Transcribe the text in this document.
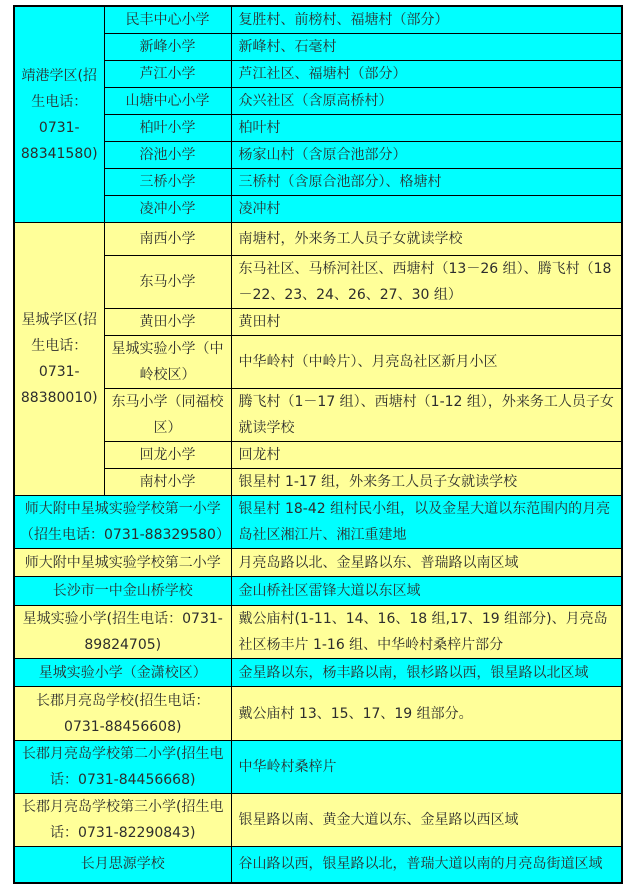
靖港学区(招生电话：0731-88341580)	民丰中心小学	复胜村、前榜村、福塘村（部分）
	新峰小学	新峰村、石毫村
	芦江小学	芦江社区、福塘村（部分）
	山塘中心小学	众兴社区（含原高桥村）
	柏叶小学	柏叶村
	浴池小学	杨家山村（含原合池部分）
	三桥小学	三桥村（含原合池部分）、格塘村
	凌冲小学	凌冲村
星城学区(招生电话：0731-88380010)	南西小学	南塘村，外来务工人员子女就读学校
	东马小学	东马社区、马桥河社区、西塘村（13－26 组）、腾飞村（18－22、23、24、26、27、30 组）
	黄田小学	黄田村
	星城实验小学（中岭校区）	中华岭村（中岭片）、月亮岛社区新月小区
	东马小学（同福校区）	腾飞村（1－17 组）、西塘村（1-12 组），外来务工人员子女就读学校
	回龙小学	回龙村
	南村小学	银星村 1-17 组，外来务工人员子女就读学校
师大附中星城实验学校第一小学（招生电话：0731-88329580）		银星村 18-42 组村民小组，以及金星大道以东范围内的月亮岛社区湘江片、湘江重建地
师大附中星城实验学校第二小学		月亮岛路以北、金星路以东、普瑞路以南区域
长沙市一中金山桥学校		金山桥社区雷锋大道以东区域
星城实验小学(招生电话：0731-89824705)		戴公庙村(1-11、14、16、18 组,17、19 组部分)、月亮岛社区杨丰片 1-16 组、中华岭村桑梓片部分
星城实验小学（金潇校区）		金星路以东，杨丰路以南，银杉路以西，银星路以北区域
长郡月亮岛学校(招生电话：0731-88456608)		戴公庙村 13、15、17、19 组部分。
长郡月亮岛学校第二小学(招生电话：0731-84456668)		中华岭村桑梓片
长郡月亮岛学校第三小学(招生电话：0731-82290843)		银星路以南、黄金大道以东、金星路以西区域
长月思源学校		谷山路以西，银星路以北，普瑞大道以南的月亮岛街道区域
